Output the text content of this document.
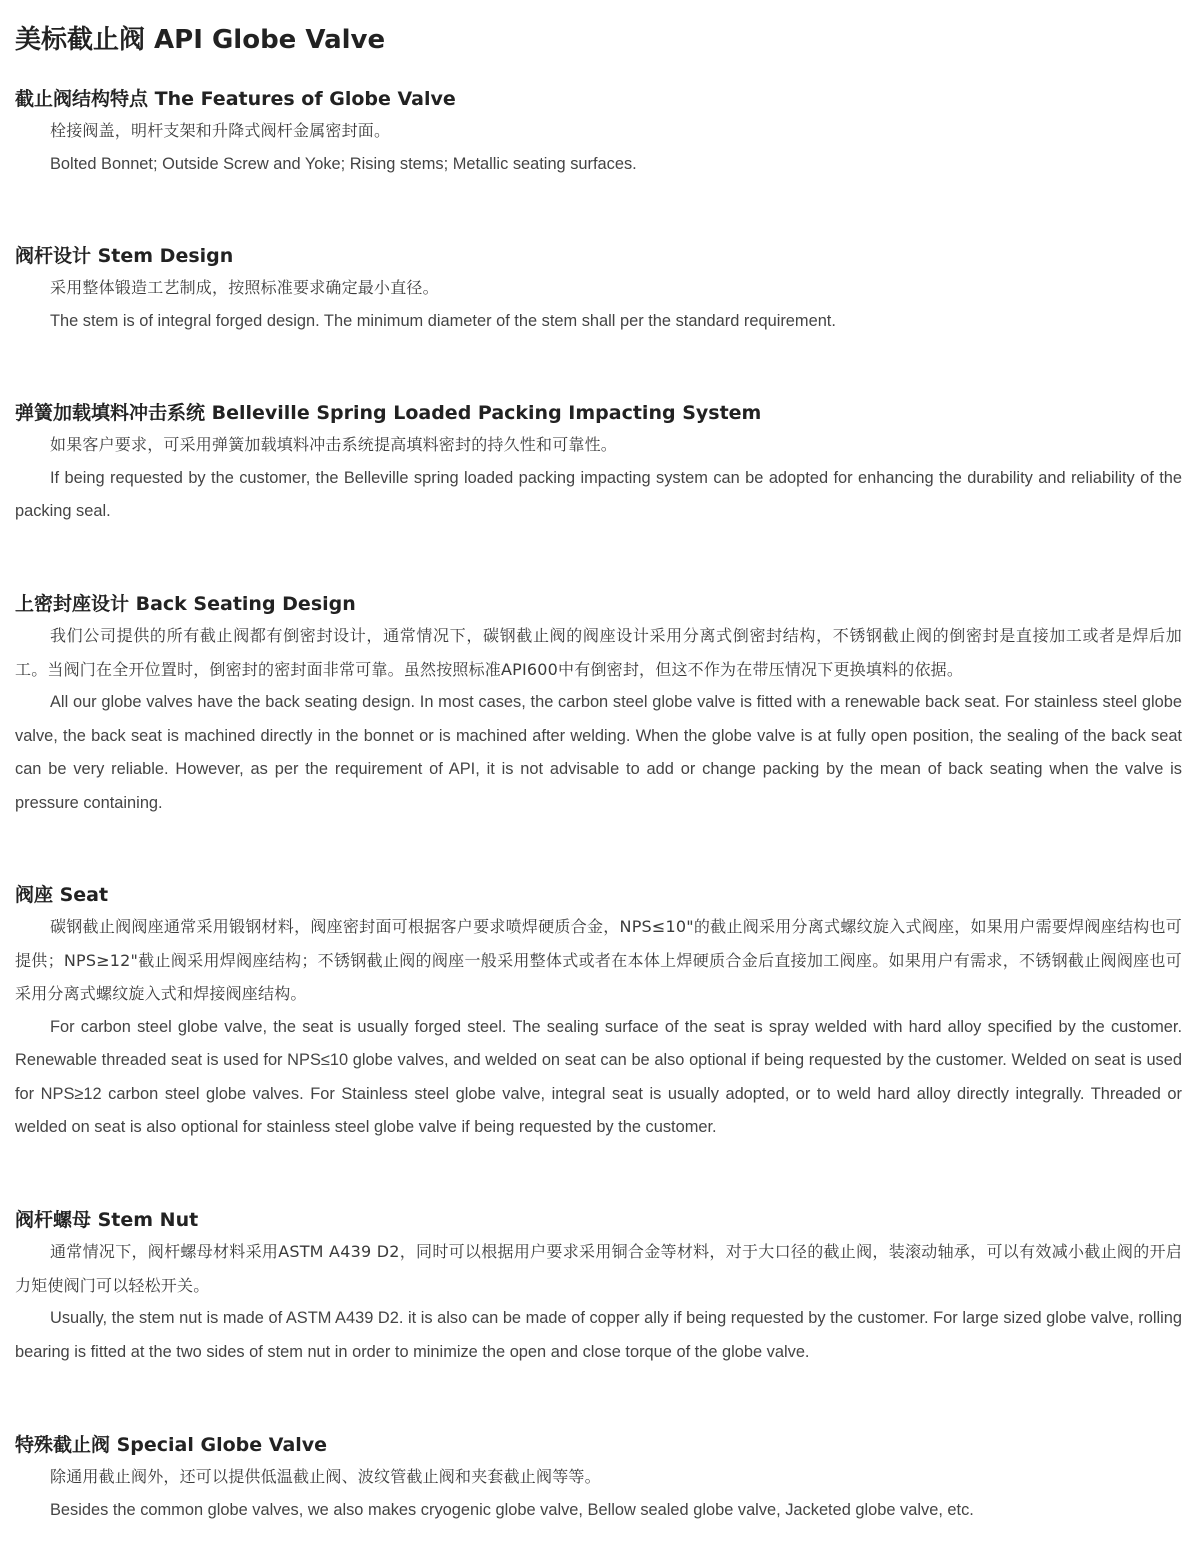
美标截止阀 API Globe Valve
截止阀结构特点 The Features of Globe Valve

栓接阀盖，明杆支架和升降式阀杆金属密封面。

Bolted Bonnet; Outside Screw and Yoke; Rising stems; Metallic seating surfaces.

阀杆设计 Stem Design

采用整体锻造工艺制成，按照标准要求确定最小直径。

The stem is of integral forged design. The minimum diameter of the stem shall per the standard requirement.

弹簧加载填料冲击系统 Belleville Spring Loaded Packing Impacting System

如果客户要求，可采用弹簧加载填料冲击系统提高填料密封的持久性和可靠性。

If being requested by the customer, the Belleville spring loaded packing impacting system can be adopted for enhancing the durability and reliability of the packing seal.

上密封座设计 Back Seating Design

我们公司提供的所有截止阀都有倒密封设计，通常情况下，碳钢截止阀的阀座设计采用分离式倒密封结构，不锈钢截止阀的倒密封是直接加工或者是焊后加工。当阀门在全开位置时，倒密封的密封面非常可靠。虽然按照标准API600中有倒密封，但这不作为在带压情况下更换填料的依据。

All our globe valves have the back seating design. In most cases, the carbon steel globe valve is fitted with a renewable back seat. For stainless steel globe valve, the back seat is machined directly in the bonnet or is machined after welding. When the globe valve is at fully open position, the sealing of the back seat can be very reliable. However, as per the requirement of API, it is not advisable to add or change packing by the mean of back seating when the valve is pressure containing.

阀座 Seat

碳钢截止阀阀座通常采用锻钢材料，阀座密封面可根据客户要求喷焊硬质合金，NPS≤10"的截止阀采用分离式螺纹旋入式阀座，如果用户需要焊阀座结构也可提供；NPS≥12"截止阀采用焊阀座结构；不锈钢截止阀的阀座一般采用整体式或者在本体上焊硬质合金后直接加工阀座。如果用户有需求，不锈钢截止阀阀座也可采用分离式螺纹旋入式和焊接阀座结构。

For carbon steel globe valve, the seat is usually forged steel. The sealing surface of the seat is spray welded with hard alloy specified by the customer. Renewable threaded seat is used for NPS≤10 globe valves, and welded on seat can be also optional if being requested by the customer. Welded on seat is used for NPS≥12 carbon steel globe valves. For Stainless steel globe valve, integral seat is usually adopted, or to weld hard alloy directly integrally. Threaded or welded on seat is also optional for stainless steel globe valve if being requested by the customer.

阀杆螺母 Stem Nut

通常情况下，阀杆螺母材料采用ASTM A439 D2，同时可以根据用户要求采用铜合金等材料，对于大口径的截止阀，装滚动轴承，可以有效减小截止阀的开启力矩使阀门可以轻松开关。

Usually, the stem nut is made of ASTM A439 D2. it is also can be made of copper ally if being requested by the customer. For large sized globe valve, rolling bearing is fitted at the two sides of stem nut in order to minimize the open and close torque of the globe valve.

特殊截止阀 Special Globe Valve

除通用截止阀外，还可以提供低温截止阀、波纹管截止阀和夹套截止阀等等。

Besides the common globe valves, we also makes cryogenic globe valve, Bellow sealed globe valve, Jacketed globe valve, etc.
